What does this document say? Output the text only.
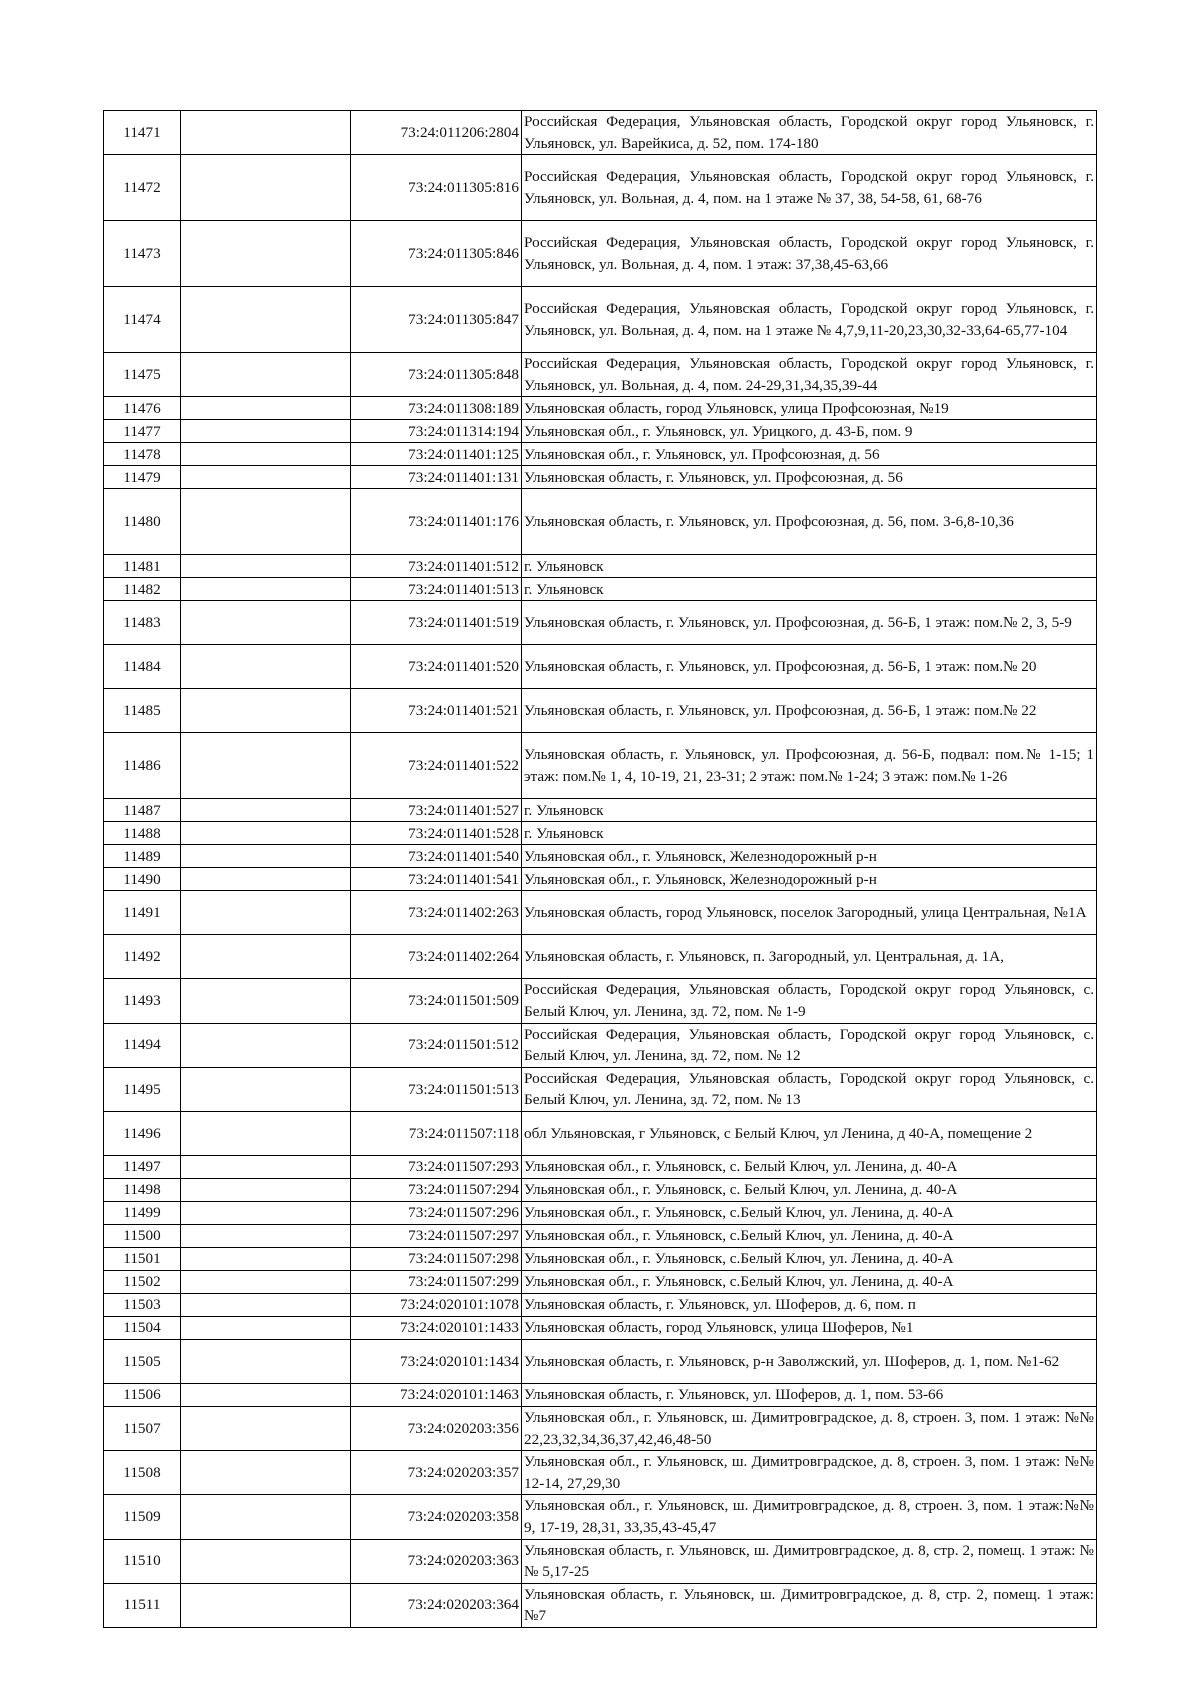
11471		73:24:011206:2804	Российская Федерация, Ульяновская область, Городской округ город Ульяновск, г. Ульяновск, ул. Варейкиса, д. 52, пом. 174-180
11472		73:24:011305:816	Российская Федерация, Ульяновская область, Городской округ город Ульяновск, г. Ульяновск, ул. Вольная, д. 4, пом. на 1 этаже № 37, 38, 54-58, 61, 68-76
11473		73:24:011305:846	Российская Федерация, Ульяновская область, Городской округ город Ульяновск, г. Ульяновск, ул. Вольная, д. 4, пом. 1 этаж: 37,38,45-63,66
11474		73:24:011305:847	Российская Федерация, Ульяновская область, Городской округ город Ульяновск, г. Ульяновск, ул. Вольная, д. 4, пом. на 1 этаже № 4,7,9,11-20,23,30,32-33,64-65,77-104
11475		73:24:011305:848	Российская Федерация, Ульяновская область, Городской округ город Ульяновск, г. Ульяновск, ул. Вольная, д. 4, пом. 24-29,31,34,35,39-44
11476		73:24:011308:189	Ульяновская область, город Ульяновск, улица Профсоюзная, №19
11477		73:24:011314:194	Ульяновская обл., г. Ульяновск, ул. Урицкого, д. 43-Б, пом. 9
11478		73:24:011401:125	Ульяновская обл., г. Ульяновск, ул. Профсоюзная, д. 56
11479		73:24:011401:131	Ульяновская область, г. Ульяновск, ул. Профсоюзная, д. 56
11480		73:24:011401:176	Ульяновская область, г. Ульяновск, ул. Профсоюзная, д. 56, пом. 3-6,8-10,36
11481		73:24:011401:512	г. Ульяновск
11482		73:24:011401:513	г. Ульяновск
11483		73:24:011401:519	Ульяновская область, г. Ульяновск, ул. Профсоюзная, д. 56-Б, 1 этаж: пом.№ 2, 3, 5-9
11484		73:24:011401:520	Ульяновская область, г. Ульяновск, ул. Профсоюзная, д. 56-Б, 1 этаж: пом.№ 20
11485		73:24:011401:521	Ульяновская область, г. Ульяновск, ул. Профсоюзная, д. 56-Б, 1 этаж: пом.№ 22
11486		73:24:011401:522	Ульяновская область, г. Ульяновск, ул. Профсоюзная, д. 56-Б, подвал: пом.№ 1-15; 1 этаж: пом.№ 1, 4, 10-19, 21, 23-31; 2 этаж: пом.№ 1-24; 3 этаж: пом.№ 1-26
11487		73:24:011401:527	г. Ульяновск
11488		73:24:011401:528	г. Ульяновск
11489		73:24:011401:540	Ульяновская обл., г. Ульяновск, Железнодорожный р-н
11490		73:24:011401:541	Ульяновская обл., г. Ульяновск, Железнодорожный р-н
11491		73:24:011402:263	Ульяновская область, город Ульяновск, поселок Загородный, улица Центральная, №1А
11492		73:24:011402:264	Ульяновская область, г. Ульяновск, п. Загородный, ул. Центральная, д. 1А,
11493		73:24:011501:509	Российская Федерация, Ульяновская область, Городской округ город Ульяновск, с. Белый Ключ, ул. Ленина, зд. 72, пом. № 1-9
11494		73:24:011501:512	Российская Федерация, Ульяновская область, Городской округ город Ульяновск, с. Белый Ключ, ул. Ленина, зд. 72, пом. № 12
11495		73:24:011501:513	Российская Федерация, Ульяновская область, Городской округ город Ульяновск, с. Белый Ключ, ул. Ленина, зд. 72, пом. № 13
11496		73:24:011507:118	обл Ульяновская, г Ульяновск, с Белый Ключ, ул Ленина, д 40-А, помещение 2
11497		73:24:011507:293	Ульяновская обл., г. Ульяновск, с. Белый Ключ, ул. Ленина, д. 40-А
11498		73:24:011507:294	Ульяновская обл., г. Ульяновск, с. Белый Ключ, ул. Ленина, д. 40-А
11499		73:24:011507:296	Ульяновская обл., г. Ульяновск, с.Белый Ключ, ул. Ленина, д. 40-А
11500		73:24:011507:297	Ульяновская обл., г. Ульяновск, с.Белый Ключ, ул. Ленина, д. 40-А
11501		73:24:011507:298	Ульяновская обл., г. Ульяновск, с.Белый Ключ, ул. Ленина, д. 40-А
11502		73:24:011507:299	Ульяновская обл., г. Ульяновск, с.Белый Ключ, ул. Ленина, д. 40-А
11503		73:24:020101:1078	Ульяновская область, г. Ульяновск, ул. Шоферов, д. 6, пом. п
11504		73:24:020101:1433	Ульяновская область, город Ульяновск, улица Шоферов, №1
11505		73:24:020101:1434	Ульяновская область, г. Ульяновск, р-н Заволжский, ул. Шоферов, д. 1, пом. №1-62
11506		73:24:020101:1463	Ульяновская область, г. Ульяновск, ул. Шоферов, д. 1, пом. 53-66
11507		73:24:020203:356	Ульяновская обл., г. Ульяновск, ш. Димитровградское, д. 8, строен. 3, пом. 1 этаж: №№ 22,23,32,34,36,37,42,46,48-50
11508		73:24:020203:357	Ульяновская обл., г. Ульяновск, ш. Димитровградское, д. 8, строен. 3, пом. 1 этаж: №№ 12-14, 27,29,30
11509		73:24:020203:358	Ульяновская обл., г. Ульяновск, ш. Димитровградское, д. 8, строен. 3, пом. 1 этаж:№№ 9, 17-19, 28,31, 33,35,43-45,47
11510		73:24:020203:363	Ульяновская область, г. Ульяновск, ш. Димитровградское, д. 8, стр. 2, помещ. 1 этаж: №№ 5,17-25
11511		73:24:020203:364	Ульяновская область, г. Ульяновск, ш. Димитровградское, д. 8, стр. 2, помещ. 1 этаж: №7
